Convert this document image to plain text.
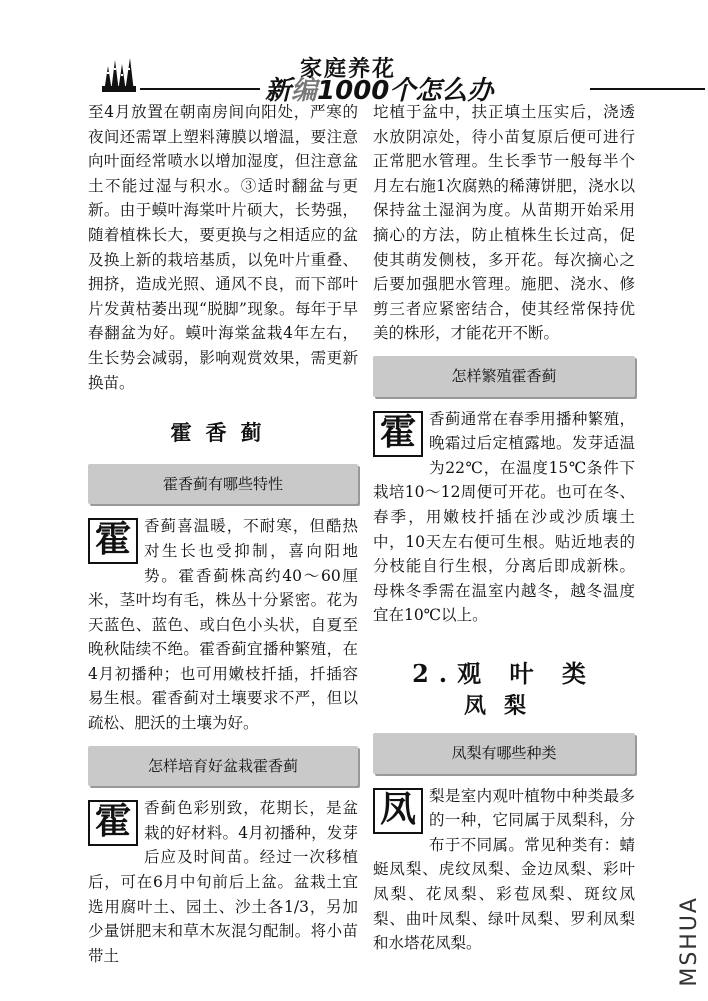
家庭养花
新编1000个怎么办

至4月放置在朝南房间向阳处，严寒的夜间还需罩上塑料薄膜以增温，要注意向叶面经常喷水以增加湿度，但注意盆土不能过湿与积水。③适时翻盆与更新。由于蟆叶海棠叶片硕大，长势强，随着植株长大，要更换与之相适应的盆及换上新的栽培基质，以免叶片重叠、拥挤，造成光照、通风不良，而下部叶片发黄枯萎出现“脱脚”现象。每年于早春翻盆为好。蟆叶海棠盆栽4年左右，生长势会减弱，影响观赏效果，需更新换苗。

霍香蓟
霍香蓟有哪些特性

霍 香蓟喜温暖，不耐寒，但酷热对生长也受抑制，喜向阳地势。霍香蓟株高约40～60厘米，茎叶均有毛，株丛十分紧密。花为天蓝色、蓝色、或白色小头状，自夏至晚秋陆续不绝。霍香蓟宜播种繁殖，在4月初播种；也可用嫩枝扦插，扦插容易生根。霍香蓟对土壤要求不严，但以疏松、肥沃的土壤为好。

怎样培育好盆栽霍香蓟

霍 香蓟色彩别致，花期长，是盆栽的好材料。4月初播种，发芽后应及时间苗。经过一次移植后，可在6月中旬前后上盆。盆栽土宜选用腐叶土、园土、沙土各1/3，另加少量饼肥末和草木灰混匀配制。将小苗带土

坨植于盆中，扶正填土压实后，浇透水放阴凉处，待小苗复原后便可进行正常肥水管理。生长季节一般每半个月左右施1次腐熟的稀薄饼肥，浇水以保持盆土湿润为度。从苗期开始采用摘心的方法，防止植株生长过高，促使其萌发侧枝，多开花。每次摘心之后要加强肥水管理。施肥、浇水、修剪三者应紧密结合，使其经常保持优美的株形，才能花开不断。

怎样繁殖霍香蓟

霍 香蓟通常在春季用播种繁殖，晚霜过后定植露地。发芽适温为22℃，在温度15℃条件下栽培10～12周便可开花。也可在冬、春季，用嫩枝扦插在沙或沙质壤土中，10天左右便可生根。贴近地表的分枝能自行生根，分离后即成新株。母株冬季需在温室内越冬，越冬温度宜在10℃以上。

2.观 叶 类
凤梨
凤梨有哪些种类

凤 梨是室内观叶植物中种类最多的一种，它同属于凤梨科，分布于不同属。常见种类有：蜻蜓凤梨、虎纹凤梨、金边凤梨、彩叶凤梨、花凤梨、彩苞凤梨、斑纹凤梨、曲叶凤梨、绿叶凤梨、罗利凤梨和水塔花凤梨。	MSHUA
